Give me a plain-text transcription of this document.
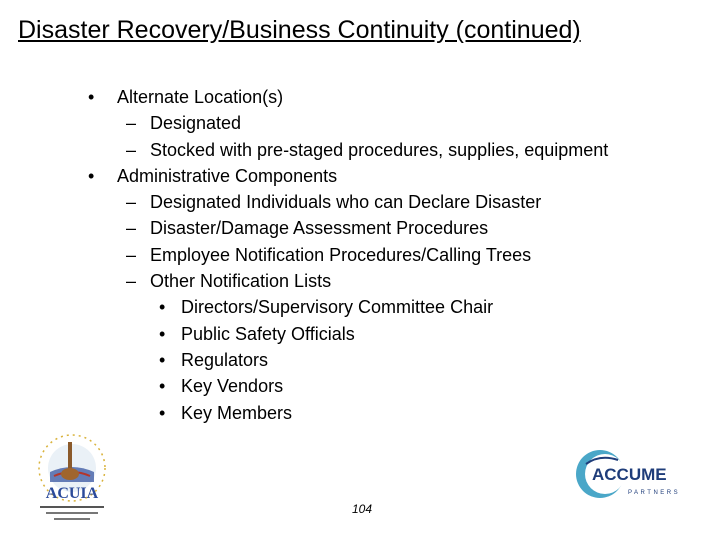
Disaster Recovery/Business Continuity (continued)
• Alternate Location(s)
– Designated
– Stocked with pre-staged procedures, supplies, equipment
• Administrative Components
– Designated Individuals who can Declare Disaster
– Disaster/Damage Assessment Procedures
– Employee Notification Procedures/Calling Trees
– Other Notification Lists
• Directors/Supervisory Committee Chair
• Public Safety Officials
• Regulators
• Key Vendors
• Key Members
ACUIA
104
ACCUME
PARTNERS
